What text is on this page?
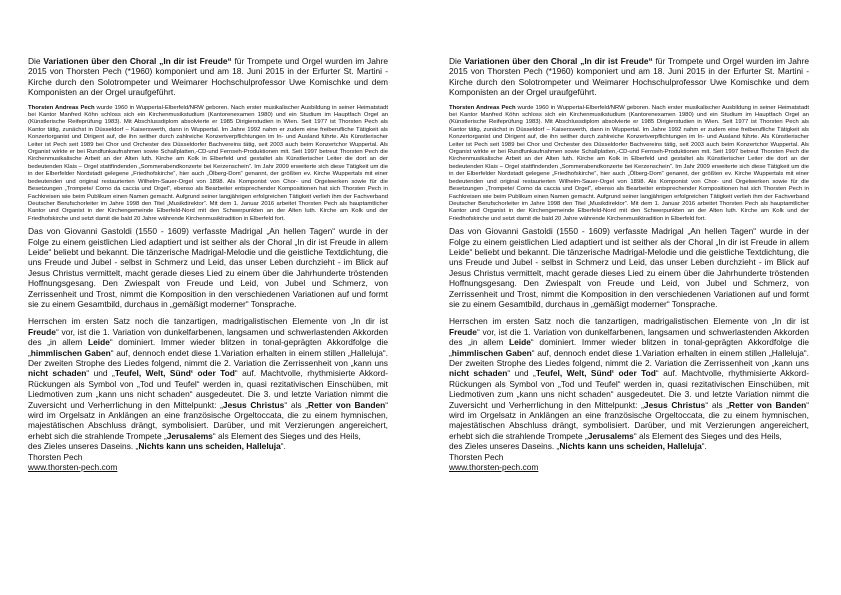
Die Variationen über den Choral „In dir ist Freude“ für Trompete und Orgel wurden im Jahre 2015 von Thorsten Pech (*1960) komponiert und am 18. Juni 2015 in der Erfurter St. Martini - Kirche durch den Solotrompeter und Weimarer Hochschulprofessor Uwe Komischke und dem Komponisten an der Orgel uraufgeführt.

Thorsten Andreas Pech wurde 1960 in Wuppertal-Elberfeld/NRW geboren. Nach erster musikalischer Ausbildung in seiner Heimatstadt bei Kantor Manfred Köhn schloss sich ein Kirchenmusikstudium (Kantorenexamen 1980) und ein Studium im Hauptfach Orgel an (Künstlerische Reifeprüfung 1983). Mit Abschlussdiplom absolvierte er 1985 Dirigierstudien in Wien. Seit 1977 ist Thorsten Pech als Kantor tätig, zunächst in Düsseldorf – Kaiserswerth, dann in Wuppertal. Im Jahre 1992 nahm er zudem eine freiberufliche Tätigkeit als Konzertorganist und Dirigent auf, die ihn seither durch zahlreiche Konzertverpflichtungen im In- und Ausland führte. Als Künstlerischer Leiter ist Pech seit 1989 bei Chor und Orchester des Düsseldorfer Bachvereins tätig, seit 2003 auch beim Konzertchor Wuppertal. Als Organist wirkte er bei Rundfunkaufnahmen sowie Schallplatten,-CD-und Fernseh-Produktionen mit. Seit 1997 betreut Thorsten Pech die Kirchenmusikalische Arbeit an der Alten luth. Kirche am Kolk in Elberfeld und gestaltet als Künstlerischer Leiter die dort an der bedeutenden Klais – Orgel stattfindenden „Sommerabendkonzerte bei Kerzenschein“. Im Jahr 2009 erweiterte sich diese Tätigkeit um die in der Elberfelder Nordstadt gelegene „Friedhofskirche“, hier auch „Ölberg-Dom“ genannt, der größten ev. Kirche Wuppertals mit einer bedeutenden und original restaurierten Wilhelm-Sauer-Orgel von 1898. Als Komponist von Chor- und Orgelwerken sowie für die Besetzungen „Trompete/ Corno da caccia und Orgel“, ebenso als Bearbeiter entsprechender Kompositionen hat sich Thorsten Pech in Fachkreisen wie beim Publikum einen Namen gemacht. Aufgrund seiner langjährigen erfolgreichen Tätigkeit verlieh ihm der Fachverband Deutscher Berufschorleiter im Jahre 1998 den Titel „Musikdirektor“. Mit dem 1. Januar 2016 arbeitet Thorsten Pech als hauptamtlicher Kantor und Organist in der Kirchengemeinde Elberfeld-Nord mit den Schwerpunkten an der Alten luth. Kirche am Kolk und der Friedhofskirche und setzt damit die bald 20 Jahre währende Kirchenmusiktradition in Elberfeld fort.

Das von Giovanni Gastoldi (1550 - 1609) verfasste Madrigal „An hellen Tagen“ wurde in der Folge zu einem geistlichen Lied adaptiert und ist seither als der Choral „In dir ist Freude in allem Leide“ beliebt und bekannt. Die tänzerische Madrigal-Melodie und die geistliche Textdichtung, die uns Freude und Jubel - selbst in Schmerz und Leid, das unser Leben durchzieht - im Blick auf Jesus Christus vermittelt, macht gerade dieses Lied zu einem über die Jahrhunderte tröstenden Hoffnungsgesang. Den Zwiespalt von Freude und Leid, von Jubel und Schmerz, von Zerrissenheit und Trost, nimmt die Komposition in den verschiedenen Variationen auf und formt sie zu einem Gesamtbild, durchaus in „gemäßigt moderner“ Tonsprache.

Herrschen im ersten Satz noch die tanzartigen, madrigalistischen Elemente von „In dir ist Freude“ vor, ist die 1. Variation von dunkelfarbenen, langsamen und schwerlastenden Akkorden des „in allem Leide“ dominiert. Immer wieder blitzen in tonal-geprägten Akkordfolge die „himmlischen Gaben“ auf, dennoch endet diese 1.Variation erhalten in einem stillen „Halleluja“. Der zweiten Strophe des Liedes folgend, nimmt die 2. Variation die Zerrissenheit von „kann uns nicht schaden“ und „Teufel, Welt, Sünd‘ oder Tod“ auf. Machtvolle, rhythmisierte Akkord-Rückungen als Symbol von „Tod und Teufel“ werden in, quasi rezitativischen Einschüben, mit Liedmotiven zum „kann uns nicht schaden“ ausgedeutet. Die 3. und letzte Variation nimmt die Zuversicht und Verherrlichung in den Mittelpunkt: „Jesus Christus“ als „Retter von Banden“ wird im Orgelsatz in Anklängen an eine französische Orgeltoccata, die zu einem hymnischen, majestätischen Abschluss drängt, symbolisiert. Darüber, und mit Verzierungen angereichert, erhebt sich die strahlende Trompete „Jerusalems“ als Element des Sieges und des Heils,
des Zieles unseres Daseins. „Nichts kann uns scheiden, Halleluja“.
Thorsten Pech
www.thorsten-pech.com

Die Variationen über den Choral „In dir ist Freude“ für Trompete und Orgel wurden im Jahre 2015 von Thorsten Pech (*1960) komponiert und am 18. Juni 2015 in der Erfurter St. Martini - Kirche durch den Solotrompeter und Weimarer Hochschulprofessor Uwe Komischke und dem Komponisten an der Orgel uraufgeführt.

Thorsten Andreas Pech wurde 1960 in Wuppertal-Elberfeld/NRW geboren. Nach erster musikalischer Ausbildung in seiner Heimatstadt bei Kantor Manfred Köhn schloss sich ein Kirchenmusikstudium (Kantorenexamen 1980) und ein Studium im Hauptfach Orgel an (Künstlerische Reifeprüfung 1983). Mit Abschlussdiplom absolvierte er 1985 Dirigierstudien in Wien. Seit 1977 ist Thorsten Pech als Kantor tätig, zunächst in Düsseldorf – Kaiserswerth, dann in Wuppertal. Im Jahre 1992 nahm er zudem eine freiberufliche Tätigkeit als Konzertorganist und Dirigent auf, die ihn seither durch zahlreiche Konzertverpflichtungen im In- und Ausland führte. Als Künstlerischer Leiter ist Pech seit 1989 bei Chor und Orchester des Düsseldorfer Bachvereins tätig, seit 2003 auch beim Konzertchor Wuppertal. Als Organist wirkte er bei Rundfunkaufnahmen sowie Schallplatten,-CD-und Fernseh-Produktionen mit. Seit 1997 betreut Thorsten Pech die Kirchenmusikalische Arbeit an der Alten luth. Kirche am Kolk in Elberfeld und gestaltet als Künstlerischer Leiter die dort an der bedeutenden Klais – Orgel stattfindenden „Sommerabendkonzerte bei Kerzenschein“. Im Jahr 2009 erweiterte sich diese Tätigkeit um die in der Elberfelder Nordstadt gelegene „Friedhofskirche“, hier auch „Ölberg-Dom“ genannt, der größten ev. Kirche Wuppertals mit einer bedeutenden und original restaurierten Wilhelm-Sauer-Orgel von 1898. Als Komponist von Chor- und Orgelwerken sowie für die Besetzungen „Trompete/ Corno da caccia und Orgel“, ebenso als Bearbeiter entsprechender Kompositionen hat sich Thorsten Pech in Fachkreisen wie beim Publikum einen Namen gemacht. Aufgrund seiner langjährigen erfolgreichen Tätigkeit verlieh ihm der Fachverband Deutscher Berufschorleiter im Jahre 1998 den Titel „Musikdirektor“. Mit dem 1. Januar 2016 arbeitet Thorsten Pech als hauptamtlicher Kantor und Organist in der Kirchengemeinde Elberfeld-Nord mit den Schwerpunkten an der Alten luth. Kirche am Kolk und der Friedhofskirche und setzt damit die bald 20 Jahre währende Kirchenmusiktradition in Elberfeld fort.

Das von Giovanni Gastoldi (1550 - 1609) verfasste Madrigal „An hellen Tagen“ wurde in der Folge zu einem geistlichen Lied adaptiert und ist seither als der Choral „In dir ist Freude in allem Leide“ beliebt und bekannt. Die tänzerische Madrigal-Melodie und die geistliche Textdichtung, die uns Freude und Jubel - selbst in Schmerz und Leid, das unser Leben durchzieht - im Blick auf Jesus Christus vermittelt, macht gerade dieses Lied zu einem über die Jahrhunderte tröstenden Hoffnungsgesang. Den Zwiespalt von Freude und Leid, von Jubel und Schmerz, von Zerrissenheit und Trost, nimmt die Komposition in den verschiedenen Variationen auf und formt sie zu einem Gesamtbild, durchaus in „gemäßigt moderner“ Tonsprache.

Herrschen im ersten Satz noch die tanzartigen, madrigalistischen Elemente von „In dir ist Freude“ vor, ist die 1. Variation von dunkelfarbenen, langsamen und schwerlastenden Akkorden des „in allem Leide“ dominiert. Immer wieder blitzen in tonal-geprägten Akkordfolge die „himmlischen Gaben“ auf, dennoch endet diese 1.Variation erhalten in einem stillen „Halleluja“. Der zweiten Strophe des Liedes folgend, nimmt die 2. Variation die Zerrissenheit von „kann uns nicht schaden“ und „Teufel, Welt, Sünd‘ oder Tod“ auf. Machtvolle, rhythmisierte Akkord-Rückungen als Symbol von „Tod und Teufel“ werden in, quasi rezitativischen Einschüben, mit Liedmotiven zum „kann uns nicht schaden“ ausgedeutet. Die 3. und letzte Variation nimmt die Zuversicht und Verherrlichung in den Mittelpunkt: „Jesus Christus“ als „Retter von Banden“ wird im Orgelsatz in Anklängen an eine französische Orgeltoccata, die zu einem hymnischen, majestätischen Abschluss drängt, symbolisiert. Darüber, und mit Verzierungen angereichert, erhebt sich die strahlende Trompete „Jerusalems“ als Element des Sieges und des Heils,
des Zieles unseres Daseins. „Nichts kann uns scheiden, Halleluja“.
Thorsten Pech
www.thorsten-pech.com
